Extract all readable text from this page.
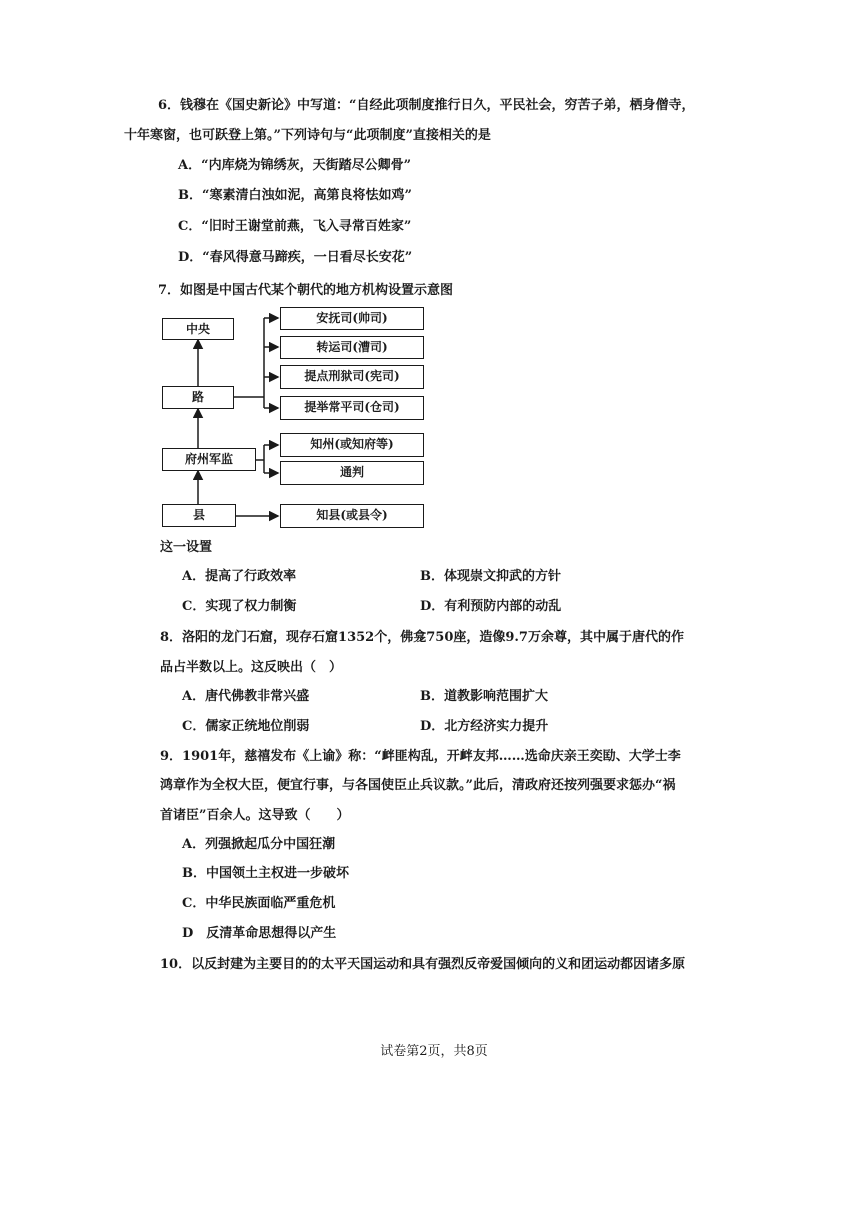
6．钱穆在《国史新论》中写道：“自经此项制度推行日久，平民社会，穷苦子弟，栖身僧寺，
十年寒窗，也可跃登上第。”下列诗句与“此项制度”直接相关的是
A．“内库烧为锦绣灰，天街踏尽公卿骨”
B．“寒素清白浊如泥，高第良将怯如鸡”
C．“旧时王谢堂前燕，飞入寻常百姓家”
D．“春风得意马蹄疾，一日看尽长安花”
7．如图是中国古代某个朝代的地方机构设置示意图
中央
路
府州军监
县
安抚司(帅司)
转运司(漕司)
提点刑狱司(宪司)
提举常平司(仓司)
知州(或知府等)
通判
知县(或县令)
这一设置
A．提高了行政效率	B．体现崇文抑武的方针
C．实现了权力制衡	D．有利预防内部的动乱
8．洛阳的龙门石窟，现存石窟1352个，佛龛750座，造像9.7万余尊，其中属于唐代的作
品占半数以上。这反映出（　）
A．唐代佛教非常兴盛	B．道教影响范围扩大
C．儒家正统地位削弱	D．北方经济实力提升
9．1901年，慈禧发布《上谕》称：“衅匪构乱，开衅友邦……选命庆亲王奕劻、大学士李
鸿章作为全权大臣，便宜行事，与各国使臣止兵议款。”此后，清政府还按列强要求惩办“祸
首诸臣”百余人。这导致（　　）
A．列强掀起瓜分中国狂潮
B．中国领土主权进一步破坏
C．中华民族面临严重危机
D　反清革命思想得以产生
10．以反封建为主要目的的太平天国运动和具有强烈反帝爱国倾向的义和团运动都因诸多原
试卷第2页，共8页
